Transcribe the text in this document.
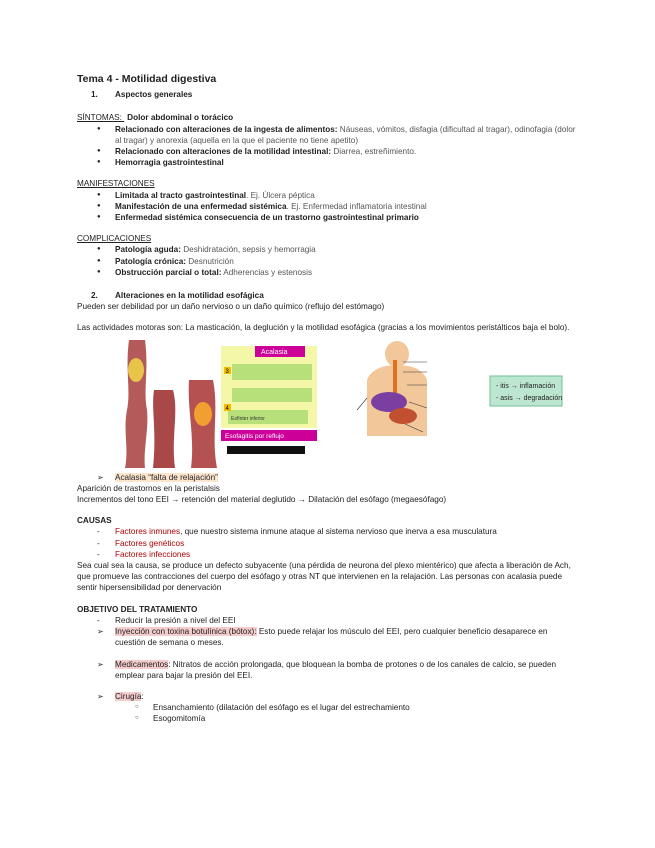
Tema 4 - Motilidad digestiva
1.	Aspectos generales
SÍNTOMAS: Dolor abdominal o torácico
● Relacionado con alteraciones de la ingesta de alimentos: Náuseas, vómitos, disfagia (dificultad al tragar), odinofagia (dolor al tragar) y anorexia (aquella en la que el paciente no tiene apetito)
● Relacionado con alteraciones de la motilidad intestinal: Diarrea, estreñimiento.
● Hemorragia gastrointestinal
MANIFESTACIONES
● Limitada al tracto gastrointestinal. Ej. Úlcera péptica
● Manifestación de una enfermedad sistémica. Ej. Enfermedad inflamatoria intestinal
● Enfermedad sistémica consecuencia de un trastorno gastrointestinal primario
COMPLICACIONES
● Patología aguda: Deshidratación, sepsis y hemorragia
● Patología crónica: Desnutrición
● Obstrucción parcial o total: Adherencias y estenosis
2.	Alteraciones en la motilidad esofágica
Pueden ser debilidad por un daño nervioso o un daño químico (reflujo del estómago)
Las actividades motoras son: La masticación, la deglución y la motilidad esofágica (gracias a los movimientos peristálticos baja el bolo).
Esfínter inferior
3
4
Acalasia
Esofagitis por reflujo
- itis → inflamación
- asis → degradación
➢ Acalasia “falta de relajación”
Aparición de trastornos en la peristalsis
Incrementos del tono EEI → retención del material deglutido → Dilatación del esófago (megaesófago)
CAUSAS
- Factores inmunes, que nuestro sistema inmune ataque al sistema nervioso que inerva a esa musculatura
- Factores genéticos
- Factores infecciones
Sea cual sea la causa, se produce un defecto subyacente (una pérdida de neurona del plexo mientérico) que afecta a liberación de Ach, que promueve las contracciones del cuerpo del esófago y otras NT que intervienen en la relajación. Las personas con acalasia puede sentir hipersensibilidad por denervación
OBJETIVO DEL TRATAMIENTO
- Reducir la presión a nivel del EEI
➢ Inyección con toxina botulínica (bótox): Esto puede relajar los músculo del EEI, pero cualquier beneficio desaparece en cuestión de semana o meses.
➢ Medicamentos: Nitratos de acción prolongada, que bloquean la bomba de protones o de los canales de calcio, se pueden emplear para bajar la presión del EEI.
➢ Cirugía:
○ Ensanchamiento (dilatación del esófago es el lugar del estrechamiento
○ Esogomitomía
